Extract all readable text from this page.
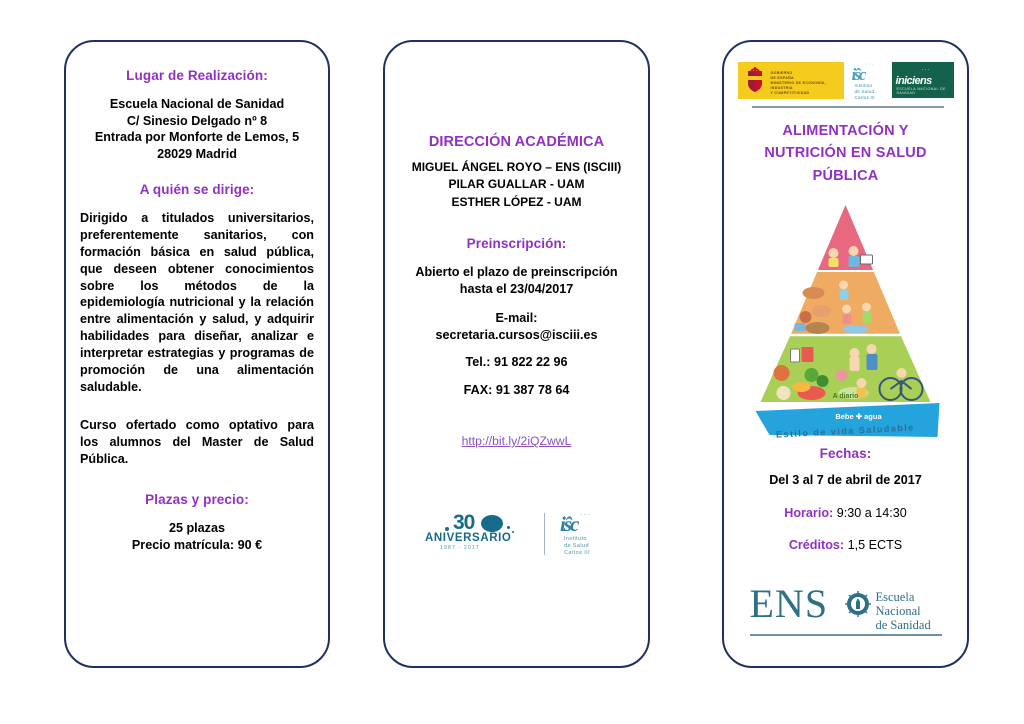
Lugar de Realización:
Escuela Nacional de Sanidad
C/ Sinesio Delgado nº 8
Entrada por Monforte de Lemos, 5
28029 Madrid
A quién se dirige:
Dirigido a titulados universitarios, preferentemente sanitarios, con formación básica en salud pública, que deseen obtener conocimientos sobre los métodos de la epidemiología nutricional y la relación entre alimentación y salud, y adquirir habilidades para diseñar, analizar e interpretar estrategias y programas de promoción de una alimentación saludable.
Curso ofertado como optativo para los alumnos del Master de Salud Pública.
Plazas y precio:
25 plazas
Precio matrícula: 90 €
DIRECCIÓN ACADÉMICA
MIGUEL ÁNGEL ROYO – ENS (ISCIII)
PILAR GUALLAR - UAM
ESTHER LÓPEZ - UAM
Preinscripción:
Abierto el plazo de preinscripción
hasta el 23/04/2017
E-mail:
secretaria.cursos@isciii.es
Tel.: 91 822 22 96
FAX: 91 387 78 64
http://bit.ly/2iQZwwL
30
ANIVERSARIO
1987 - 2017
···
iŝc
Instituto
de Salud
Carlos III
GOBIERNO
DE ESPAÑA
MINISTERIO DE ECONOMÍA, INDUSTRIA
Y COMPETITIVIDAD
···
iŝc
Instituto
de Salud
Carlos III
···
iniciens
ESCUELA NACIONAL DE SANIDAD
ALIMENTACIÓN Y
NUTRICIÓN EN SALUD
PÚBLICA
A diario
Bebe ✚ agua
Estilo de vida Saludable
Fechas:
Del 3 al 7 de abril de 2017
Horario: 9:30 a 14:30
Créditos: 1,5 ECTS
ENS	Escuela
Nacional
de Sanidad
